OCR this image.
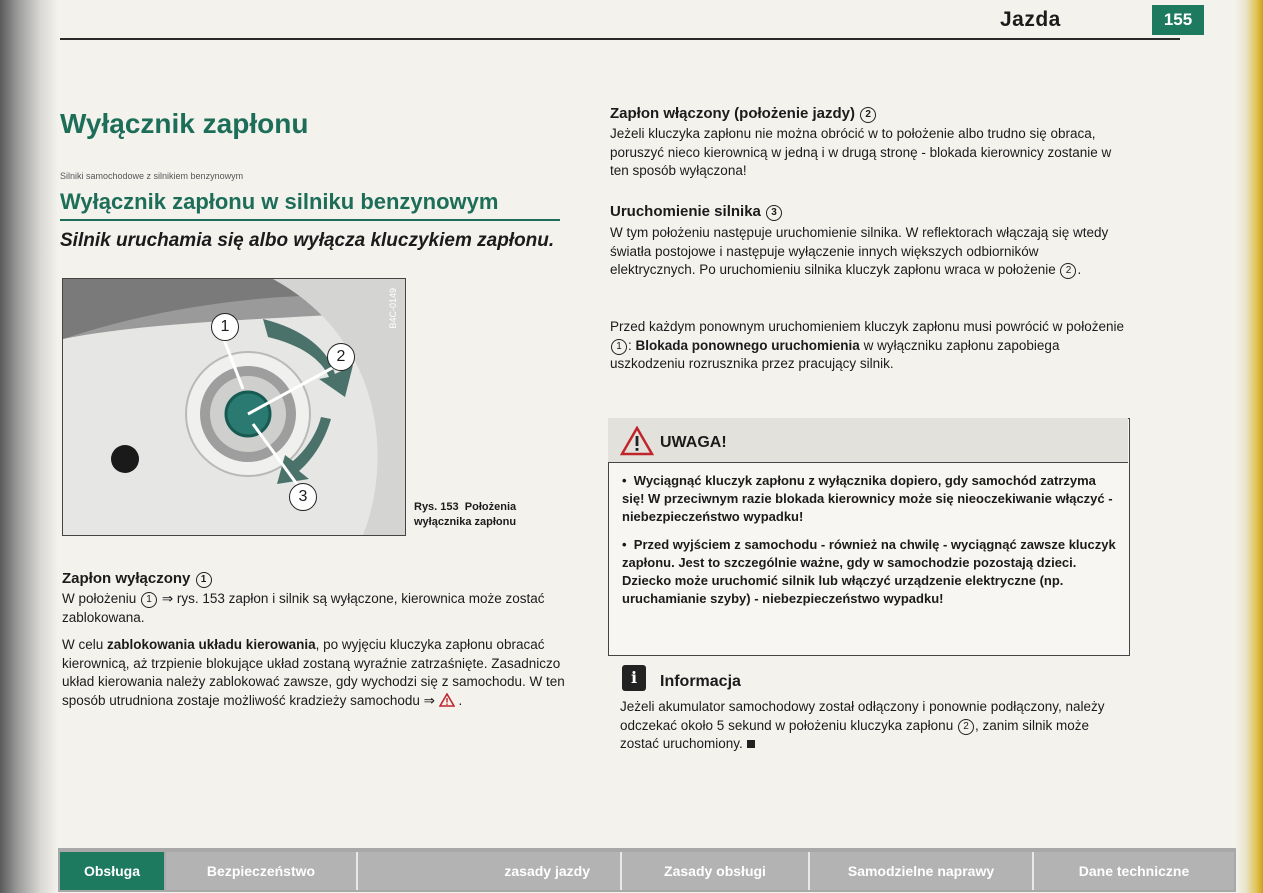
Jazda	155
Wyłącznik zapłonu
Silniki samochodowe z silnikiem benzynowym
Wyłącznik zapłonu w silniku benzynowym
Silnik uruchamia się albo wyłącza kluczykiem zapłonu.
1
2
3
B4C-0149
Rys. 153 Położenia wyłącznika zapłonu
Zapłon wyłączony 1
W położeniu 1 ⇒ rys. 153 zapłon i silnik są wyłączone, kierownica może zostać zablokowana.
W celu zablokowania układu kierowania, po wyjęciu kluczyka zapłonu obracać kierownicą, aż trzpienie blokujące układ zostaną wyraźnie zatrzaśnięte. Zasadniczo układ kierowania należy zablokować zawsze, gdy wychodzi się z samochodu. W ten sposób utrudniona zostaje możliwość kradzieży samochodu ⇒ .
Zapłon włączony (położenie jazdy) 2
Jeżeli kluczyka zapłonu nie można obrócić w to położenie albo trudno się obraca, poruszyć nieco kierownicą w jedną i w drugą stronę - blokada kierownicy zostanie w ten sposób wyłączona!
Uruchomienie silnika 3
W tym położeniu następuje uruchomienie silnika. W reflektorach włączają się wtedy światła postojowe i następuje wyłączenie innych większych odbiorników elektrycznych. Po uruchomieniu silnika kluczyk zapłonu wraca w położenie 2 .
Przed każdym ponownym uruchomieniem kluczyk zapłonu musi powrócić w położenie 1 : Blokada ponownego uruchomienia w wyłączniku zapłonu zapobiega uszkodzeniu rozrusznika przez pracujący silnik.
UWAGA!

•  Wyciągnąć kluczyk zapłonu z wyłącznika dopiero, gdy samochód zatrzyma się! W przeciwnym razie blokada kierownicy może się nieoczekiwanie włączyć - niebezpieczeństwo wypadku!

•  Przed wyjściem z samochodu - również na chwilę - wyciągnąć zawsze kluczyk zapłonu. Jest to szczególnie ważne, gdy w samochodzie pozostają dzieci. Dziecko może uruchomić silnik lub włączyć urządzenie elektryczne (np. uruchamianie szyby) - niebezpieczeństwo wypadku!

i	Informacja
Jeżeli akumulator samochodowy został odłączony i ponownie podłączony, należy odczekać około 5 sekund w położeniu kluczyka zapłonu 2 , zanim silnik może zostać uruchomiony.
Obsługa	Bezpieczeństwo	zasady jazdy	Zasady obsługi	Samodzielne naprawy	Dane techniczne
